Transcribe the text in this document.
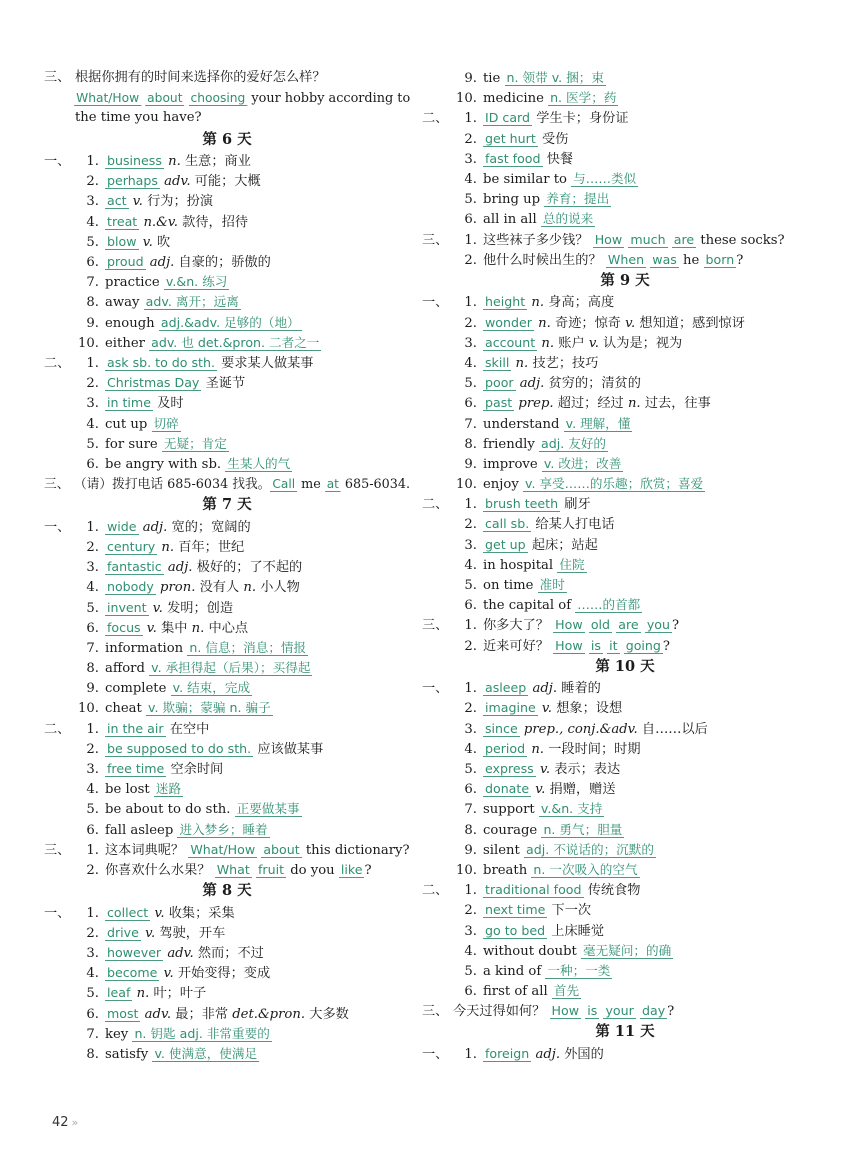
三、 根据你拥有的时间来选择你的爱好怎么样？
What/How about choosing your hobby according to
the time you have?
第 6 天
一、 1. business n. 生意；商业
2. perhaps adv. 可能；大概
3. act v. 行为；扮演
4. treat n.&v. 款待，招待
5. blow v. 吹
6. proud adj. 自豪的；骄傲的
7. practice v.&n. 练习
8. away adv. 离开；远离
9. enough adj.&adv. 足够的（地）
10. either adv. 也 det.&pron. 二者之一
二、 1. ask sb. to do sth. 要求某人做某事
2. Christmas Day 圣诞节
3. in time 及时
4. cut up 切碎
5. for sure 无疑；肯定
6. be angry with sb. 生某人的气
三、 （请）拨打电话 685-6034 找我。 Call me at 685-6034.
第 7 天
一、 1. wide adj. 宽的；宽阔的
2. century n. 百年；世纪
3. fantastic adj. 极好的；了不起的
4. nobody pron. 没有人 n. 小人物
5. invent v. 发明；创造
6. focus v. 集中 n. 中心点
7. information n. 信息；消息；情报
8. afford v. 承担得起（后果）；买得起
9. complete v. 结束，完成
10. cheat v. 欺骗；蒙骗 n. 骗子
二、 1. in the air 在空中
2. be supposed to do sth. 应该做某事
3. free time 空余时间
4. be lost 迷路
5. be about to do sth. 正要做某事
6. fall asleep 进入梦乡；睡着
三、 1. 这本词典呢？ What/How about this dictionary?
2. 你喜欢什么水果？ What fruit do you like ?
第 8 天
一、 1. collect v. 收集；采集
2. drive v. 驾驶，开车
3. however adv. 然而；不过
4. become v. 开始变得；变成
5. leaf n. 叶；叶子
6. most adv. 最；非常 det.&pron. 大多数
7. key n. 钥匙 adj. 非常重要的
8. satisfy v. 使满意，使满足
9. tie n. 领带 v. 捆；束
10. medicine n. 医学；药
二、 1. ID card 学生卡；身份证
2. get hurt 受伤
3. fast food 快餐
4. be similar to 与……类似
5. bring up 养育；提出
6. all in all 总的说来
三、 1. 这些袜子多少钱？ How much are these socks?
2. 他什么时候出生的？ When was he born ?
第 9 天
一、 1. height n. 身高；高度
2. wonder n. 奇迹；惊奇 v. 想知道；感到惊讶
3. account n. 账户 v. 认为是；视为
4. skill n. 技艺；技巧
5. poor adj. 贫穷的；清贫的
6. past prep. 超过；经过 n. 过去，往事
7. understand v. 理解，懂
8. friendly adj. 友好的
9. improve v. 改进；改善
10. enjoy v. 享受……的乐趣；欣赏；喜爱
二、 1. brush teeth 刷牙
2. call sb. 给某人打电话
3. get up 起床；站起
4. in hospital 住院
5. on time 准时
6. the capital of ……的首都
三、 1. 你多大了？ How old are you ?
2. 近来可好？ How is it going ?
第 10 天
一、 1. asleep adj. 睡着的
2. imagine v. 想象；设想
3. since prep., conj.&adv. 自……以后
4. period n. 一段时间；时期
5. express v. 表示；表达
6. donate v. 捐赠，赠送
7. support v.&n. 支持
8. courage n. 勇气；胆量
9. silent adj. 不说话的；沉默的
10. breath n. 一次吸入的空气
二、 1. traditional food 传统食物
2. next time 下一次
3. go to bed 上床睡觉
4. without doubt 毫无疑问；的确
5. a kind of 一种；一类
6. first of all 首先
三、 今天过得如何？ How is your day ?
第 11 天
一、 1. foreign adj. 外国的
42 »
